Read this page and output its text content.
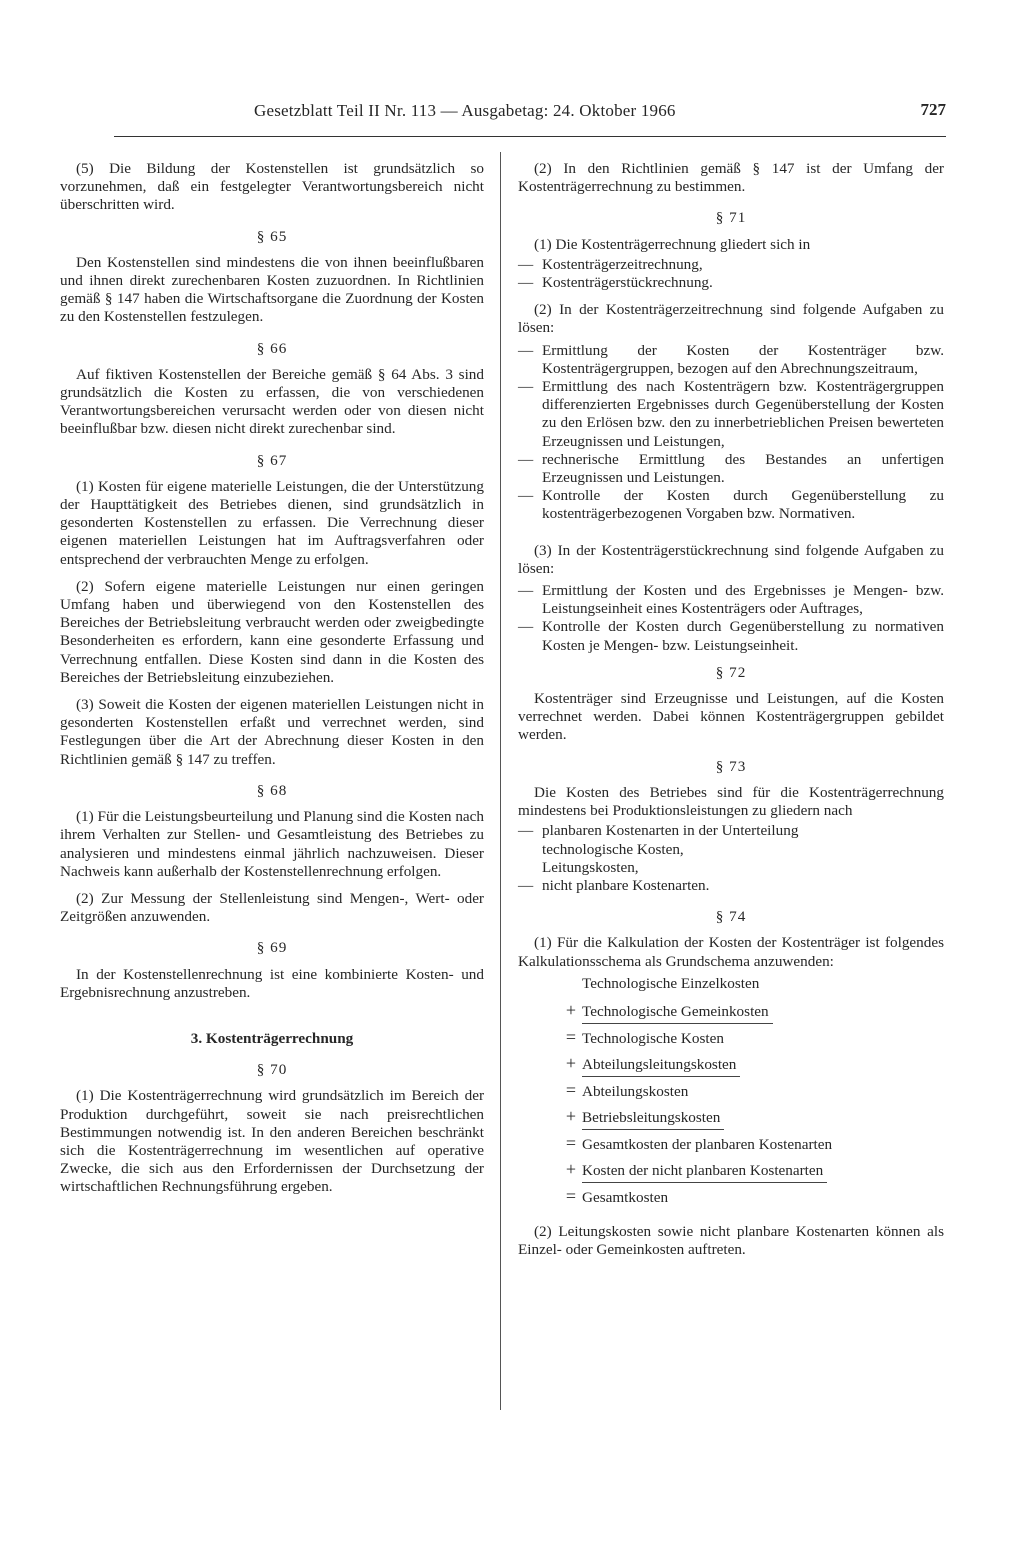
Gesetzblatt Teil II Nr. 113 — Ausgabetag: 24. Oktober 1966	727

(5) Die Bildung der Kostenstellen ist grundsätzlich so vorzunehmen, daß ein festgelegter Verantwortungsbereich nicht überschritten wird.

§ 65

Den Kostenstellen sind mindestens die von ihnen beeinflußbaren und ihnen direkt zurechenbaren Kosten zuzuordnen. In Richtlinien gemäß § 147 haben die Wirtschaftsorgane die Zuordnung der Kosten zu den Kostenstellen festzulegen.

§ 66

Auf fiktiven Kostenstellen der Bereiche gemäß § 64 Abs. 3 sind grundsätzlich die Kosten zu erfassen, die von verschiedenen Verantwortungsbereichen verursacht werden oder von diesen nicht beeinflußbar bzw. diesen nicht direkt zurechenbar sind.

§ 67

(1) Kosten für eigene materielle Leistungen, die der Unterstützung der Haupttätigkeit des Betriebes dienen, sind grundsätzlich in gesonderten Kostenstellen zu erfassen. Die Verrechnung dieser eigenen materiellen Leistungen hat im Auftragsverfahren oder entsprechend der verbrauchten Menge zu erfolgen.

(2) Sofern eigene materielle Leistungen nur einen geringen Umfang haben und überwiegend von den Kostenstellen des Bereiches der Betriebsleitung verbraucht werden oder zweigbedingte Besonderheiten es erfordern, kann eine gesonderte Erfassung und Verrechnung entfallen. Diese Kosten sind dann in die Kosten des Bereiches der Betriebsleitung einzubeziehen.

(3) Soweit die Kosten der eigenen materiellen Leistungen nicht in gesonderten Kostenstellen erfaßt und verrechnet werden, sind Festlegungen über die Art der Abrechnung dieser Kosten in den Richtlinien gemäß § 147 zu treffen.

§ 68

(1) Für die Leistungsbeurteilung und Planung sind die Kosten nach ihrem Verhalten zur Stellen- und Gesamtleistung des Betriebes zu analysieren und mindestens einmal jährlich nachzuweisen. Dieser Nachweis kann außerhalb der Kostenstellenrechnung erfolgen.

(2) Zur Messung der Stellenleistung sind Mengen-, Wert- oder Zeitgrößen anzuwenden.

§ 69

In der Kostenstellenrechnung ist eine kombinierte Kosten- und Ergebnisrechnung anzustreben.

3. Kostenträgerrechnung
§ 70

(1) Die Kostenträgerrechnung wird grundsätzlich im Bereich der Produktion durchgeführt, soweit sie nach preisrechtlichen Bestimmungen notwendig ist. In den anderen Bereichen beschränkt sich die Kostenträgerrechnung im wesentlichen auf operative Zwecke, die sich aus den Erfordernissen der Durchsetzung der wirtschaftlichen Rechnungsführung ergeben.

(2) In den Richtlinien gemäß § 147 ist der Umfang der Kostenträgerrechnung zu bestimmen.

§ 71

(1) Die Kostenträgerrechnung gliedert sich in

— Kostenträgerzeitrechnung,
— Kostenträgerstückrechnung.

(2) In der Kostenträgerzeitrechnung sind folgende Aufgaben zu lösen:

— Ermittlung der Kosten der Kostenträger bzw. Kostenträgergruppen, bezogen auf den Abrechnungszeitraum,
— Ermittlung des nach Kostenträgern bzw. Kostenträgergruppen differenzierten Ergebnisses durch Gegenüberstellung der Kosten zu den Erlösen bzw. den zu innerbetrieblichen Preisen bewerteten Erzeugnissen und Leistungen,
— rechnerische Ermittlung des Bestandes an unfertigen Erzeugnissen und Leistungen.
— Kontrolle der Kosten durch Gegenüberstellung zu kostenträgerbezogenen Vorgaben bzw. Normativen.

(3) In der Kostenträgerstückrechnung sind folgende Aufgaben zu lösen:

— Ermittlung der Kosten und des Ergebnisses je Mengen- bzw. Leistungseinheit eines Kostenträgers oder Auftrages,
— Kontrolle der Kosten durch Gegenüberstellung zu normativen Kosten je Mengen- bzw. Leistungseinheit.
§ 72

Kostenträger sind Erzeugnisse und Leistungen, auf die Kosten verrechnet werden. Dabei können Kostenträgergruppen gebildet werden.

§ 73

Die Kosten des Betriebes sind für die Kostenträgerrechnung mindestens bei Produktionsleistungen zu gliedern nach

— planbaren Kostenarten in der Unterteilung
technologische Kosten,
Leitungskosten,
— nicht planbare Kostenarten.
§ 74

(1) Für die Kalkulation der Kosten der Kostenträger ist folgendes Kalkulationsschema als Grundschema anzuwenden:

Technologische Einzelkosten
+ Technologische Gemeinkosten
= Technologische Kosten
+ Abteilungsleitungskosten
= Abteilungskosten
+ Betriebsleitungskosten
= Gesamtkosten der planbaren Kostenarten
+ Kosten der nicht planbaren Kostenarten
= Gesamtkosten

(2) Leitungskosten sowie nicht planbare Kostenarten können als Einzel- oder Gemeinkosten auftreten.
